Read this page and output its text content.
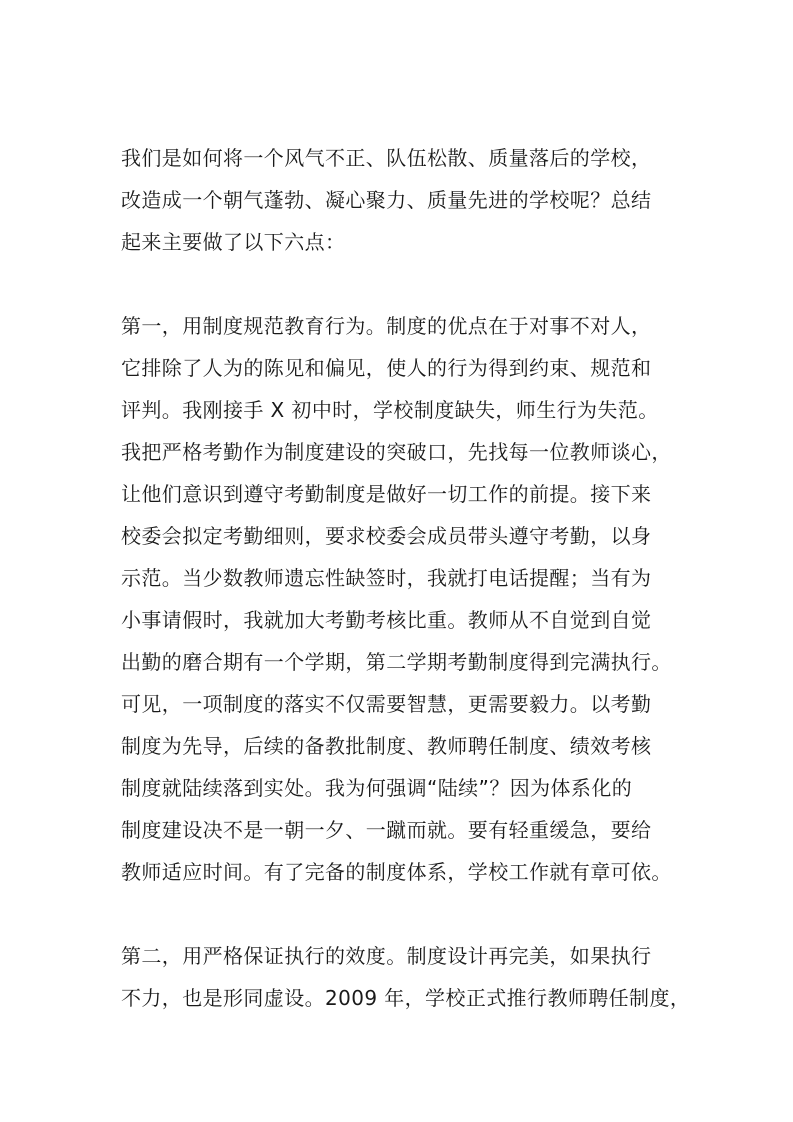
我们是如何将一个风气不正、队伍松散、质量落后的学校，
改造成一个朝气蓬勃、凝心聚力、质量先进的学校呢？总结
起来主要做了以下六点：
第一，用制度规范教育行为。制度的优点在于对事不对人，
它排除了人为的陈见和偏见，使人的行为得到约束、规范和
评判。我刚接手 X 初中时，学校制度缺失，师生行为失范。
我把严格考勤作为制度建设的突破口，先找每一位教师谈心，
让他们意识到遵守考勤制度是做好一切工作的前提。接下来
校委会拟定考勤细则，要求校委会成员带头遵守考勤，以身
示范。当少数教师遗忘性缺签时，我就打电话提醒；当有为
小事请假时，我就加大考勤考核比重。教师从不自觉到自觉
出勤的磨合期有一个学期，第二学期考勤制度得到完满执行。
可见，一项制度的落实不仅需要智慧，更需要毅力。以考勤
制度为先导，后续的备教批制度、教师聘任制度、绩效考核
制度就陆续落到实处。我为何强调“陆续”？因为体系化的
制度建设决不是一朝一夕、一蹴而就。要有轻重缓急，要给
教师适应时间。有了完备的制度体系，学校工作就有章可依。
第二，用严格保证执行的效度。制度设计再完美，如果执行
不力，也是形同虚设。2009 年，学校正式推行教师聘任制度，
